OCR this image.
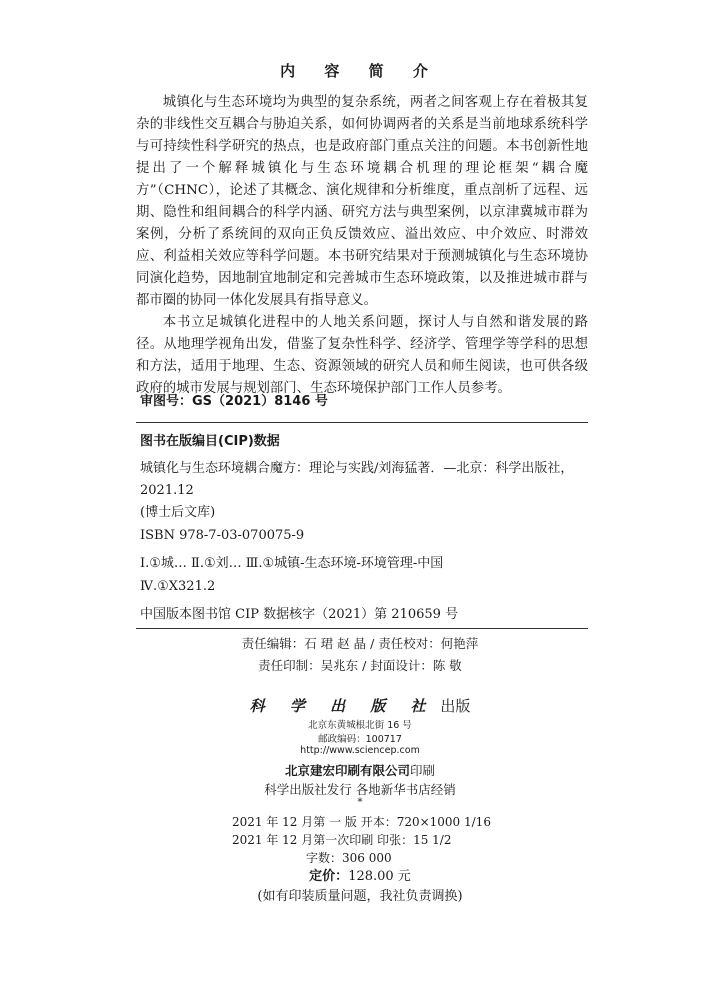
内 容 简 介

城镇化与生态环境均为典型的复杂系统，两者之间客观上存在着极其复杂的非线性交互耦合与胁迫关系，如何协调两者的关系是当前地球系统科学与可持续性科学研究的热点，也是政府部门重点关注的问题。本书创新性地提出了一个解释城镇化与生态环境耦合机理的理论框架“耦合魔方”（CHNC），论述了其概念、演化规律和分析维度，重点剖析了远程、远期、隐性和组间耦合的科学内涵、研究方法与典型案例，以京津冀城市群为案例，分析了系统间的双向正负反馈效应、溢出效应、中介效应、时滞效应、利益相关效应等科学问题。本书研究结果对于预测城镇化与生态环境协同演化趋势，因地制宜地制定和完善城市生态环境政策，以及推进城市群与都市圈的协同一体化发展具有指导意义。

本书立足城镇化进程中的人地关系问题，探讨人与自然和谐发展的路径。从地理学视角出发，借鉴了复杂性科学、经济学、管理学等学科的思想和方法，适用于地理、生态、资源领域的研究人员和师生阅读，也可供各级政府的城市发展与规划部门、生态环境保护部门工作人员参考。

审图号：GS（2021）8146 号
图书在版编目(CIP)数据
城镇化与生态环境耦合魔方：理论与实践/刘海猛著．—北京：科学出版社，2021.12
(博士后文库)
ISBN 978-7-03-070075-9
Ⅰ.①城… Ⅱ.①刘… Ⅲ.①城镇-生态环境-环境管理-中国
Ⅳ.①X321.2
中国版本图书馆 CIP 数据核字（2021）第 210659 号
责任编辑：石 珺 赵 晶 / 责任校对：何艳萍
责任印制：吴兆东 / 封面设计：陈 敬
科 学 出 版 社 出版
北京东黄城根北街 16 号
邮政编码：100717
http://www.sciencep.com
北京建宏印刷有限公司印刷
科学出版社发行 各地新华书店经销
*
2021 年 12 月第 一 版 开本：720×1000 1/16
2021 年 12 月第一次印刷 印张：15 1/2
字数：306 000
定价：128.00 元
(如有印装质量问题，我社负责调换)
